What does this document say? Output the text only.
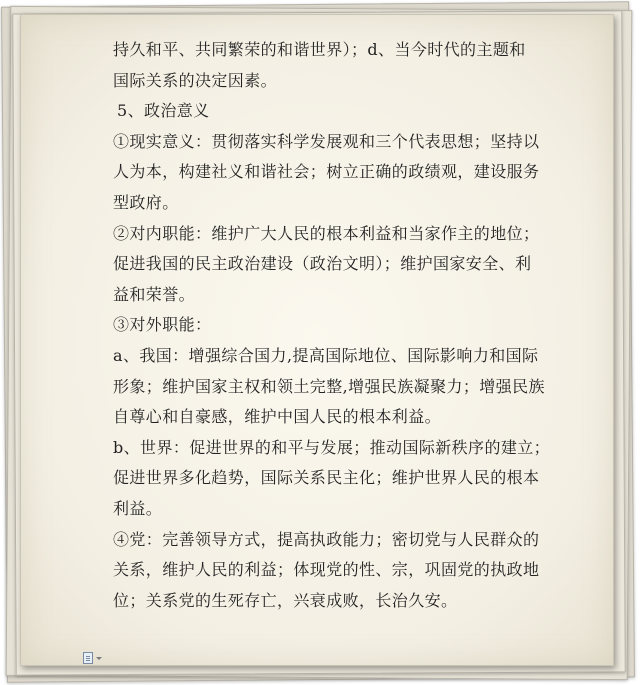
持久和平、共同繁荣的和谐世界）；d、当今时代的主题和
国际关系的决定因素。
5、政治意义
①现实意义：贯彻落实科学发展观和三个代表思想；坚持以
人为本，构建社义和谐社会；树立正确的政绩观，建设服务
型政府。
②对内职能：维护广大人民的根本利益和当家作主的地位；
促进我国的民主政治建设（政治文明）；维护国家安全、利
益和荣誉。
③对外职能：
a、我国：增强综合国力,提高国际地位、国际影响力和国际
形象；维护国家主权和领土完整,增强民族凝聚力；增强民族
自尊心和自豪感，维护中国人民的根本利益。
b、世界：促进世界的和平与发展；推动国际新秩序的建立；
促进世界多化趋势，国际关系民主化；维护世界人民的根本
利益。
④党：完善领导方式，提高执政能力；密切党与人民群众的
关系，维护人民的利益；体现党的性、宗，巩固党的执政地
位；关系党的生死存亡，兴衰成败，长治久安。
